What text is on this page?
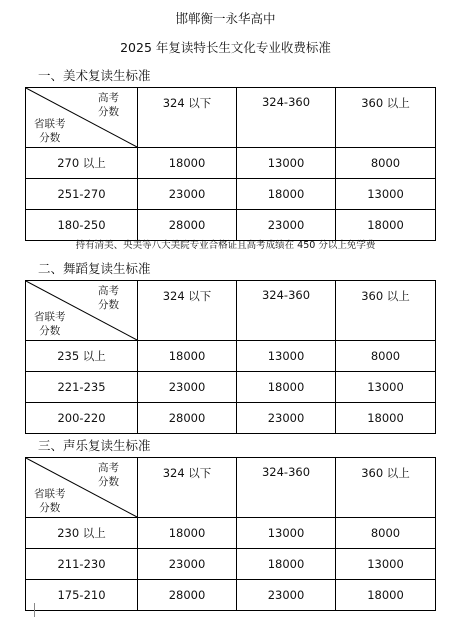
邯郸衡一永华高中
2025 年复读特长生文化专业收费标准
一、美术复读生标准
高考
分数
省联考
分数	324 以下	324-360	360 以上
270 以上	18000	13000	8000
251-270	23000	18000	13000
180-250	28000	23000	18000
持有清美、央美等八大美院专业合格证且高考成绩在 450 分以上免学费
二、舞蹈复读生标准
高考
分数
省联考
分数	324 以下	324-360	360 以上
235 以上	18000	13000	8000
221-235	23000	18000	13000
200-220	28000	23000	18000
三、声乐复读生标准
高考
分数
省联考
分数	324 以下	324-360	360 以上
230 以上	18000	13000	8000
211-230	23000	18000	13000
175-210	28000	23000	18000
